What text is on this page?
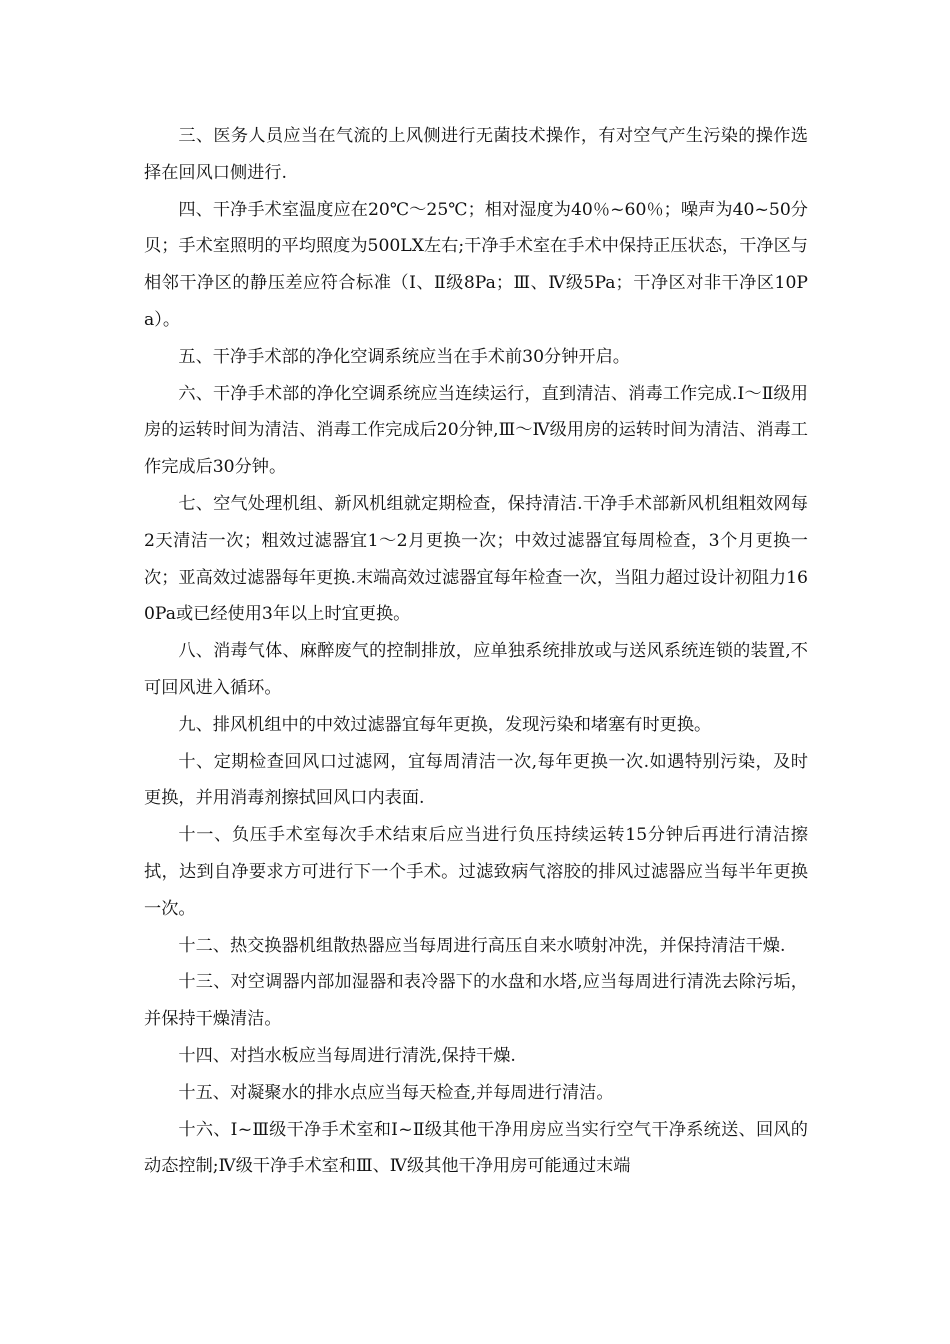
三、医务人员应当在气流的上风侧进行无菌技术操作，有对空气产生污染的操作选择在回风口侧进行.

四、干净手术室温度应在20℃～25℃；相对湿度为40％~60％；噪声为40~50分贝；手术室照明的平均照度为500LX左右;干净手术室在手术中保持正压状态，干净区与相邻干净区的静压差应符合标准（Ⅰ、Ⅱ级8Pa；Ⅲ、Ⅳ级5Pa；干净区对非干净区10Pa）。

五、干净手术部的净化空调系统应当在手术前30分钟开启。

六、干净手术部的净化空调系统应当连续运行，直到清洁、消毒工作完成.Ⅰ～Ⅱ级用房的运转时间为清洁、消毒工作完成后20分钟,Ⅲ～Ⅳ级用房的运转时间为清洁、消毒工作完成后30分钟。

七、空气处理机组、新风机组就定期检查，保持清洁.干净手术部新风机组粗效网每2天清洁一次；粗效过滤器宜1～2月更换一次；中效过滤器宜每周检查，3个月更换一次；亚高效过滤器每年更换.末端高效过滤器宜每年检查一次，当阻力超过设计初阻力160Pa或已经使用3年以上时宜更换。

八、消毒气体、麻醉废气的控制排放，应单独系统排放或与送风系统连锁的装置,不可回风进入循环。

九、排风机组中的中效过滤器宜每年更换，发现污染和堵塞有时更换。

十、定期检查回风口过滤网，宜每周清洁一次,每年更换一次.如遇特别污染，及时更换，并用消毒剂擦拭回风口内表面.

十一、负压手术室每次手术结束后应当进行负压持续运转15分钟后再进行清洁擦拭，达到自净要求方可进行下一个手术。过滤致病气溶胶的排风过滤器应当每半年更换一次。

十二、热交换器机组散热器应当每周进行高压自来水喷射冲洗，并保持清洁干燥.

十三、对空调器内部加湿器和表冷器下的水盘和水塔,应当每周进行清洗去除污垢，并保持干燥清洁。

十四、对挡水板应当每周进行清洗,保持干燥.

十五、对凝聚水的排水点应当每天检查,并每周进行清洁。

十六、Ⅰ~Ⅲ级干净手术室和Ⅰ~Ⅱ级其他干净用房应当实行空气干净系统送、回风的动态控制;Ⅳ级干净手术室和Ⅲ、Ⅳ级其他干净用房可能通过末端
